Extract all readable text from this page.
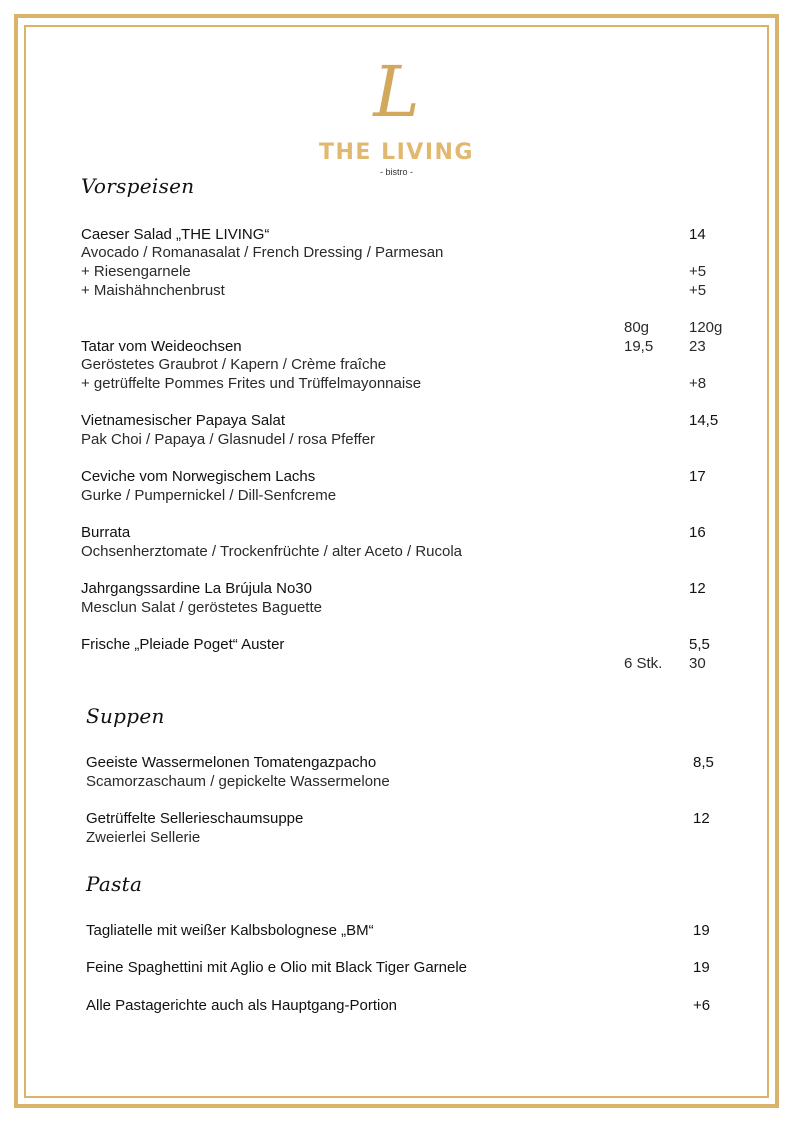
L
THE LIVING
- bistro -
Vorspeisen
Caeser Salad „THE LIVING“	14
Avocado / Romanasalat / French Dressing / Parmesan
+ Riesengarnele	+5
+ Maishähnchenbrust	+5
80g	120g
Tatar vom Weideochsen	19,5 23
Geröstetes Graubrot / Kapern / Crème fraîche
+ getrüffelte Pommes Frites und Trüffelmayonnaise	+8
Vietnamesischer Papaya Salat	14,5
Pak Choi / Papaya / Glasnudel / rosa Pfeffer
Ceviche vom Norwegischem Lachs	17
Gurke / Pumpernickel / Dill-Senfcreme
Burrata	16
Ochsenherztomate / Trockenfrüchte / alter Aceto / Rucola
Jahrgangssardine La Brújula No30	12
Mesclun Salat / geröstetes Baguette
Frische „Pleiade Poget“ Auster	5,5
6 Stk. 30
Suppen
Geeiste Wassermelonen Tomatengazpacho	8,5
Scamorzaschaum / gepickelte Wassermelone
Getrüffelte Sellerieschaumsuppe	12
Zweierlei Sellerie
Pasta
Tagliatelle mit weißer Kalbsbolognese „BM“	19
Feine Spaghettini mit Aglio e Olio mit Black Tiger Garnele	19
Alle Pastagerichte auch als Hauptgang-Portion	+6
